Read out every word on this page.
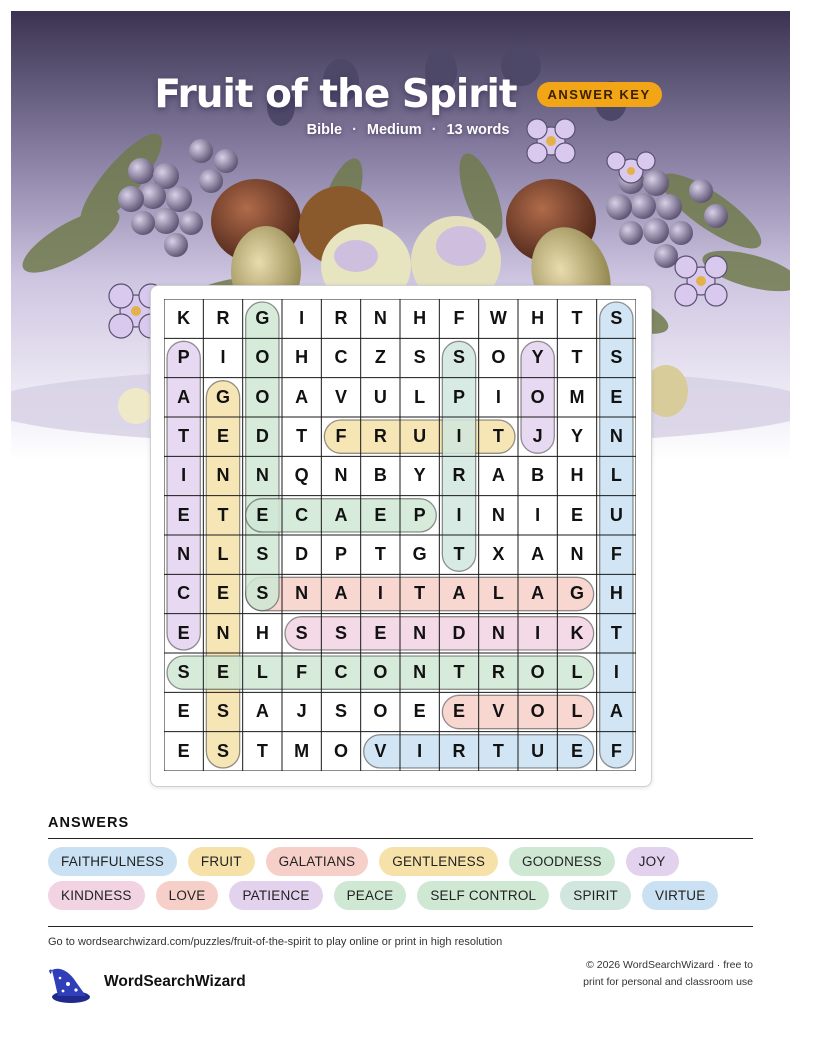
Fruit of the Spirit	ANSWER KEY
Bible · Medium · 13 words
K	R	G	I	R	N	H	F	W	H	T	S
P	I	O	H	C	Z	S	S	O	Y	T	S
A	G	O	A	V	U	L	P	I	O	M	E
T	E	D	T	F	R	U	I	T	J	Y	N
I	N	N	Q	N	B	Y	R	A	B	H	L
E	T	E	C	A	E	P	I	N	I	E	U
N	L	S	D	P	T	G	T	X	A	N	F
C	E	S	N	A	I	T	A	L	A	G	H
E	N	H	S	S	E	N	D	N	I	K	T
S	E	L	F	C	O	N	T	R	O	L	I
E	S	A	J	S	O	E	E	V	O	L	A
E	S	T	M	O	V	I	R	T	U	E	F
ANSWERS
FAITHFULNESS	FRUIT	GALATIANS	GENTLENESS	GOODNESS	JOY
KINDNESS	LOVE	PATIENCE	PEACE	SELF CONTROL	SPIRIT	VIRTUE
Go to wordsearchwizard.com/puzzles/fruit-of-the-spirit to play online or print in high resolution
WordSearchWizard
© 2026 WordSearchWizard · free to print for personal and classroom use
